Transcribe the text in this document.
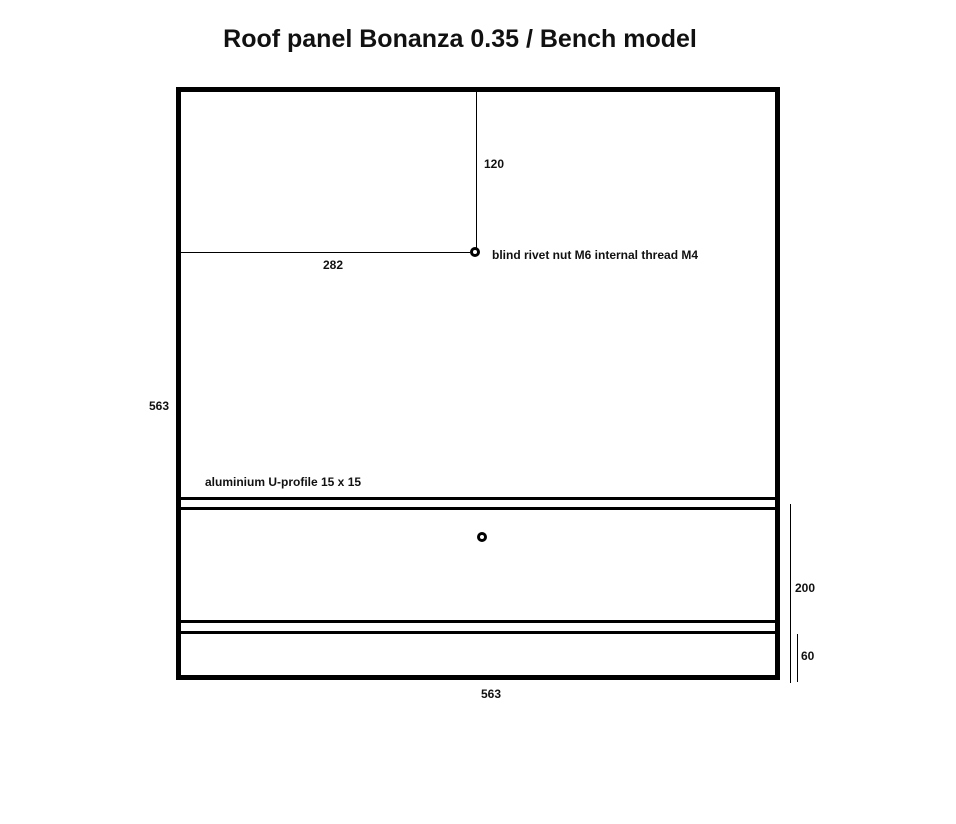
Roof panel Bonanza 0.35 / Bench model
120
282
blind rivet nut M6 internal thread M4
563
aluminium U-profile 15 x 15
200
60
563
